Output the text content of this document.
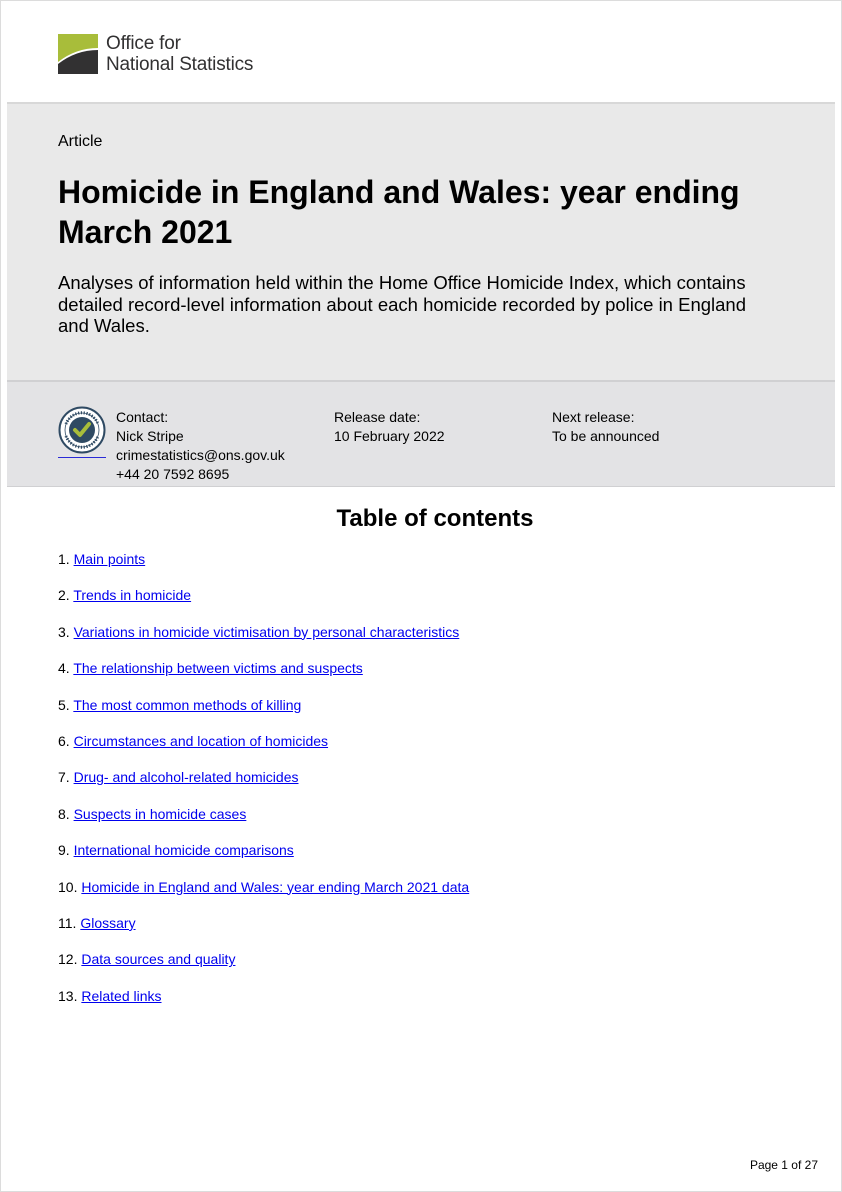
Office for
National Statistics
Article
Homicide in England and Wales: year ending March 2021

Analyses of information held within the Home Office Homicide Index, which contains detailed record-level information about each homicide recorded by police in England and Wales.

Contact:
Nick Stripe
crimestatistics@ons.gov.uk
+44 20 7592 8695
Release date:
10 February 2022
Next release:
To be announced
Table of contents
1. Main points
2. Trends in homicide
3. Variations in homicide victimisation by personal characteristics
4. The relationship between victims and suspects
5. The most common methods of killing
6. Circumstances and location of homicides
7. Drug- and alcohol-related homicides
8. Suspects in homicide cases
9. International homicide comparisons
10. Homicide in England and Wales: year ending March 2021 data
11. Glossary
12. Data sources and quality
13. Related links
Page 1 of 27
